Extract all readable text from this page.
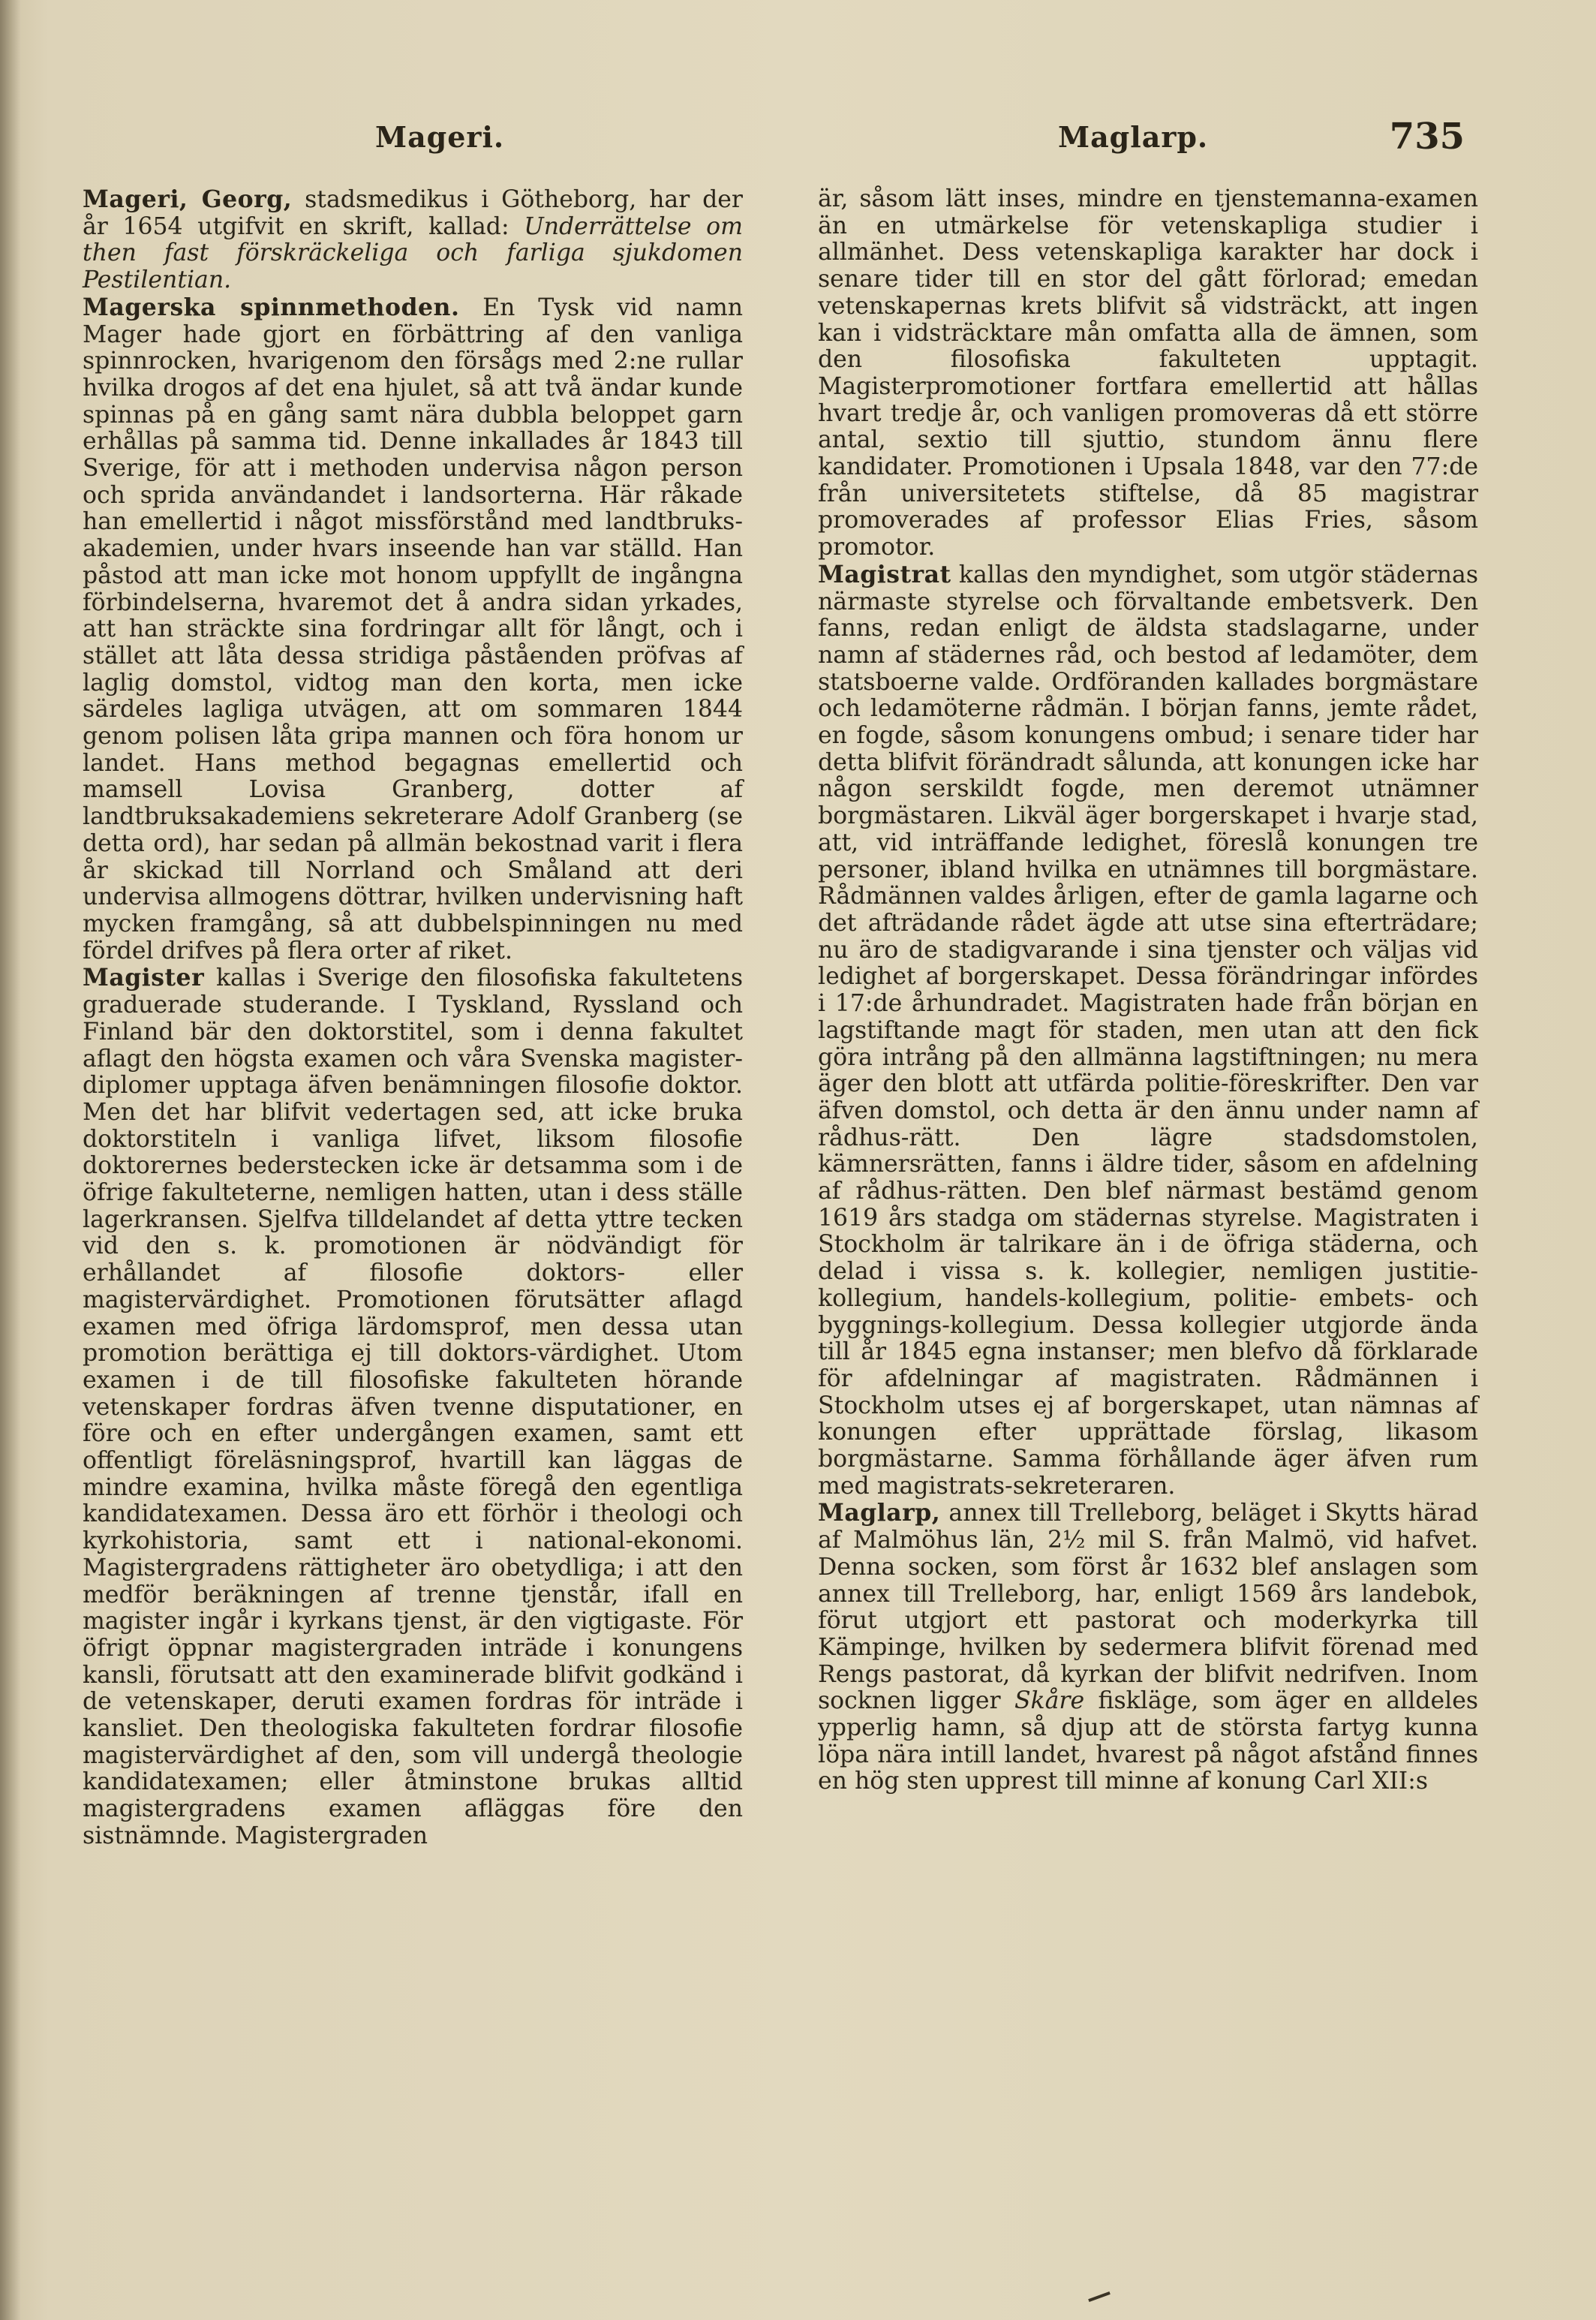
Mageri.	Maglarp.	735

Mageri, Georg, stadsmedikus i Götheborg, har der år 1654 utgifvit en skrift, kallad: Underrättelse om then fast förskräckeliga och farliga sjukdomen Pestilentian.

Magerska spinnmethoden. En Tysk vid namn Mager hade gjort en förbättring af den vanliga spinnrocken, hvarigenom den försågs med 2:ne rullar hvilka drogos af det ena hjulet, så att två ändar kunde spinnas på en gång samt nära dubbla beloppet garn erhållas på samma tid. Denne inkallades år 1843 till Sverige, för att i methoden undervisa någon person och sprida användandet i landsorterna. Här råkade han emellertid i något missförstånd med landtbruks-akademien, under hvars inseende han var ställd. Han påstod att man icke mot honom uppfyllt de ingångna förbindelserna, hvaremot det å andra sidan yrkades, att han sträckte sina fordringar allt för långt, och i stället att låta dessa stridiga påståenden pröfvas af laglig domstol, vidtog man den korta, men icke särdeles lagliga utvägen, att om sommaren 1844 genom polisen låta gripa mannen och föra honom ur landet. Hans method begagnas emellertid och mamsell Lovisa Granberg, dotter af landtbruksakademiens sekreterare Adolf Granberg (se detta ord), har sedan på allmän bekostnad varit i flera år skickad till Norrland och Småland att deri undervisa allmogens döttrar, hvilken undervisning haft mycken framgång, så att dubbelspinningen nu med fördel drifves på flera orter af riket.

Magister kallas i Sverige den filosofiska fakultetens graduerade studerande. I Tyskland, Ryssland och Finland bär den doktorstitel, som i denna fakultet aflagt den högsta examen och våra Svenska magister-diplomer upptaga äfven benämningen filosofie doktor. Men det har blifvit vedertagen sed, att icke bruka doktorstiteln i vanliga lifvet, liksom filosofie doktorernes bederstecken icke är detsamma som i de öfrige fakulteterne, nemligen hatten, utan i dess ställe lagerkransen. Sjelfva tilldelandet af detta yttre tecken vid den s. k. promotionen är nödvändigt för erhållandet af filosofie doktors- eller magistervärdighet. Promotionen förutsätter aflagd examen med öfriga lärdomsprof, men dessa utan promotion berättiga ej till doktors-värdighet. Utom examen i de till filosofiske fakulteten hörande vetenskaper fordras äfven tvenne disputationer, en före och en efter undergången examen, samt ett offentligt föreläsningsprof, hvartill kan läggas de mindre examina, hvilka måste föregå den egentliga kandidatexamen. Dessa äro ett förhör i theologi och kyrkohistoria, samt ett i national-ekonomi. Magistergradens rättigheter äro obetydliga; i att den medför beräkningen af trenne tjenstår, ifall en magister ingår i kyrkans tjenst, är den vigtigaste. För öfrigt öppnar magistergraden inträde i konungens kansli, förutsatt att den examinerade blifvit godkänd i de vetenskaper, deruti examen fordras för inträde i kansliet. Den theologiska fakulteten fordrar filosofie magistervärdighet af den, som vill undergå theologie kandidatexamen; eller åtminstone brukas alltid magistergradens examen afläggas före den sistnämnde. Magistergraden

är, såsom lätt inses, mindre en tjenstemanna-examen än en utmärkelse för vetenskapliga studier i allmänhet. Dess vetenskapliga karakter har dock i senare tider till en stor del gått förlorad; emedan vetenskapernas krets blifvit så vidsträckt, att ingen kan i vidsträcktare mån omfatta alla de ämnen, som den filosofiska fakulteten upptagit. Magisterpromotioner fortfara emellertid att hållas hvart tredje år, och vanligen promoveras då ett större antal, sextio till sjuttio, stundom ännu flere kandidater. Promotionen i Upsala 1848, var den 77:de från universitetets stiftelse, då 85 magistrar promoverades af professor Elias Fries, såsom promotor.

Magistrat kallas den myndighet, som utgör städernas närmaste styrelse och förvaltande embetsverk. Den fanns, redan enligt de äldsta stadslagarne, under namn af städernes råd, och bestod af ledamöter, dem statsboerne valde. Ordföranden kallades borgmästare och ledamöterne rådmän. I början fanns, jemte rådet, en fogde, såsom konungens ombud; i senare tider har detta blifvit förändradt sålunda, att konungen icke har någon serskildt fogde, men deremot utnämner borgmästaren. Likväl äger borgerskapet i hvarje stad, att, vid inträffande ledighet, föreslå konungen tre personer, ibland hvilka en utnämnes till borgmästare. Rådmännen valdes årligen, efter de gamla lagarne och det afträdande rådet ägde att utse sina efterträdare; nu äro de stadigvarande i sina tjenster och väljas vid ledighet af borgerskapet. Dessa förändringar infördes i 17:de århundradet. Magistraten hade från början en lagstiftande magt för staden, men utan att den fick göra intrång på den allmänna lagstiftningen; nu mera äger den blott att utfärda politie-föreskrifter. Den var äfven domstol, och detta är den ännu under namn af rådhus-rätt. Den lägre stadsdomstolen, kämnersrätten, fanns i äldre tider, såsom en afdelning af rådhus-rätten. Den blef närmast bestämd genom 1619 års stadga om städernas styrelse. Magistraten i Stockholm är talrikare än i de öfriga städerna, och delad i vissa s. k. kollegier, nemligen justitie-kollegium, handels-kollegium, politie- embets- och byggnings-kollegium. Dessa kollegier utgjorde ända till år 1845 egna instanser; men blefvo då förklarade för afdelningar af magistraten. Rådmännen i Stockholm utses ej af borgerskapet, utan nämnas af konungen efter upprättade förslag, likasom borgmästarne. Samma förhållande äger äfven rum med magistrats-sekreteraren.

Maglarp, annex till Trelleborg, beläget i Skytts härad af Malmöhus län, 2½ mil S. från Malmö, vid hafvet. Denna socken, som först år 1632 blef anslagen som annex till Trelleborg, har, enligt 1569 års landebok, förut utgjort ett pastorat och moderkyrka till Kämpinge, hvilken by sedermera blifvit förenad med Rengs pastorat, då kyrkan der blifvit nedrifven. Inom socknen ligger Skåre fiskläge, som äger en alldeles ypperlig hamn, så djup att de största fartyg kunna löpa nära intill landet, hvarest på något afstånd finnes en hög sten upprest till minne af konung Carl XII:s
